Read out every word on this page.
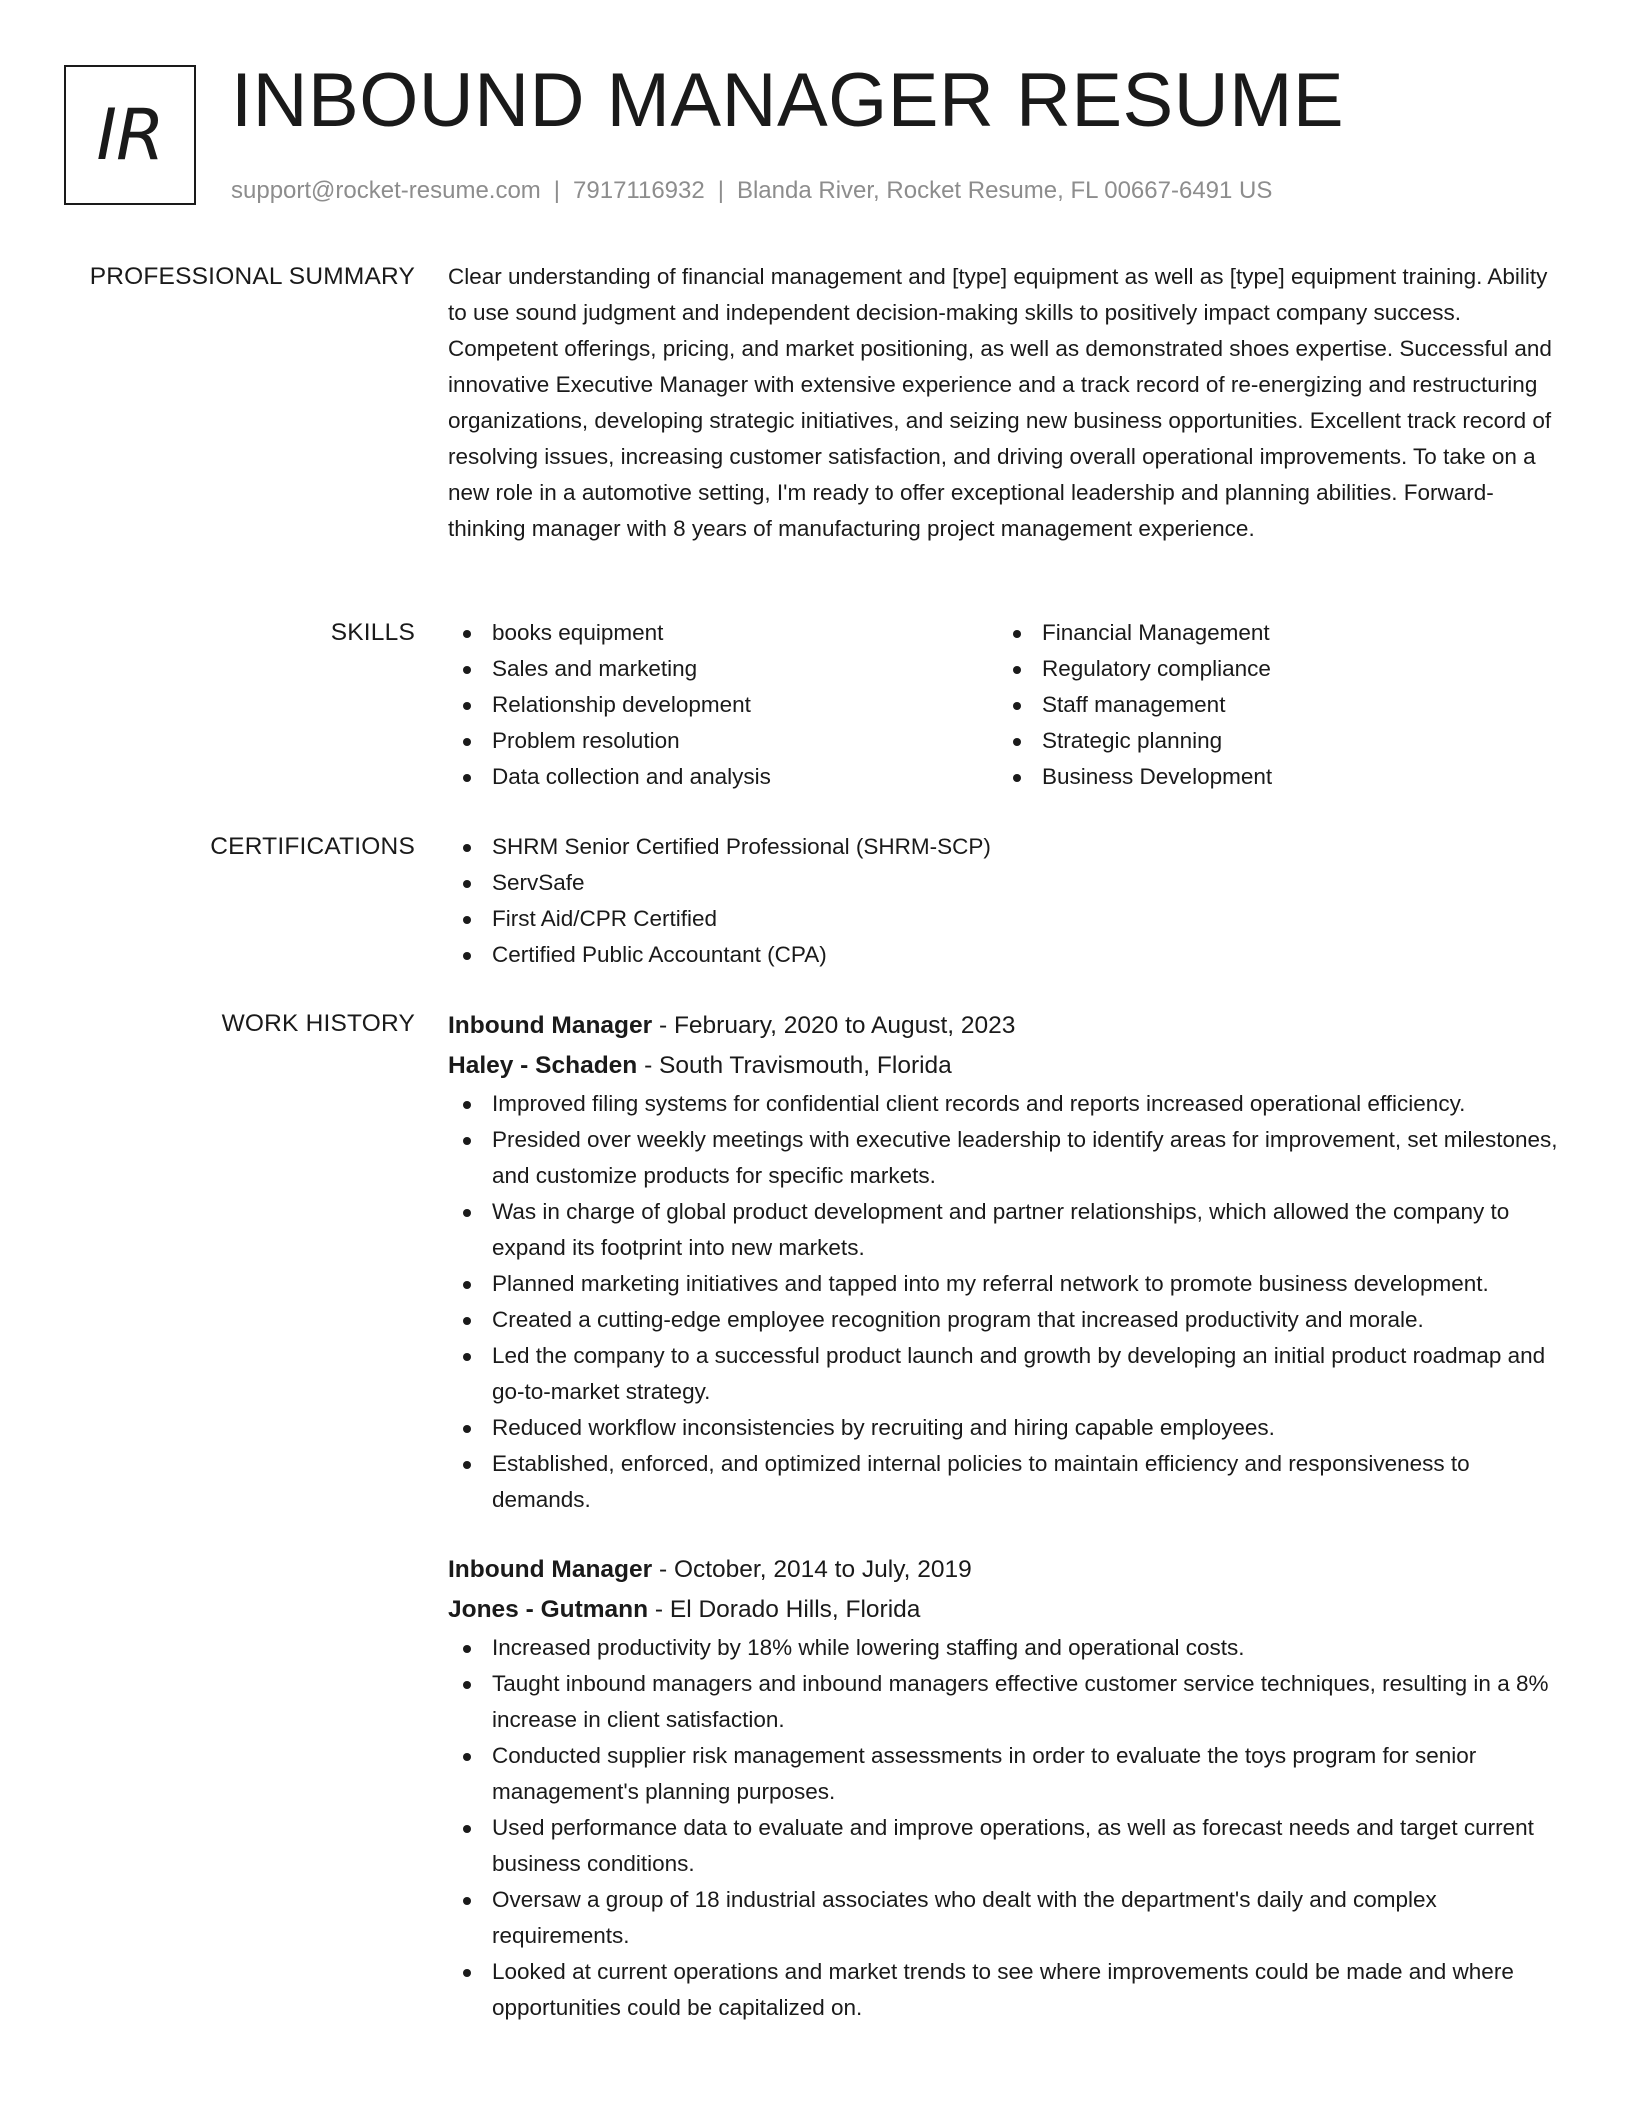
IR INBOUND MANAGER RESUME
support@rocket-resume.com | 7917116932 | Blanda River, Rocket Resume, FL 00667-6491 US
PROFESSIONAL SUMMARY Clear understanding of financial management and [type] equipment as well as [type] equipment training. Ability to use sound judgment and independent decision-making skills to positively impact company success. Competent offerings, pricing, and market positioning, as well as demonstrated shoes expertise. Successful and innovative Executive Manager with extensive experience and a track record of re-energizing and restructuring organizations, developing strategic initiatives, and seizing new business opportunities. Excellent track record of resolving issues, increasing customer satisfaction, and driving overall operational improvements. To take on a new role in a automotive setting, I'm ready to offer exceptional leadership and planning abilities. Forward-thinking manager with 8 years of manufacturing project management experience.

SKILLS	books equipment
Sales and marketing
Relationship development
Problem resolution
Data collection and analysis
Financial Management
Regulatory compliance
Staff management
Strategic planning
Business Development
CERTIFICATIONS	SHRM Senior Certified Professional (SHRM-SCP)
ServSafe
First Aid/CPR Certified
Certified Public Accountant (CPA)
WORK HISTORY Inbound Manager - February, 2020 to August, 2023
Haley - Schaden - South Travismouth, Florida
Improved filing systems for confidential client records and reports increased operational efficiency.
Presided over weekly meetings with executive leadership to identify areas for improvement, set milestones, and customize products for specific markets.
Was in charge of global product development and partner relationships, which allowed the company to expand its footprint into new markets.
Planned marketing initiatives and tapped into my referral network to promote business development.
Created a cutting-edge employee recognition program that increased productivity and morale.
Led the company to a successful product launch and growth by developing an initial product roadmap and go-to-market strategy.
Reduced workflow inconsistencies by recruiting and hiring capable employees.
Established, enforced, and optimized internal policies to maintain efficiency and responsiveness to demands.
Inbound Manager - October, 2014 to July, 2019
Jones - Gutmann - El Dorado Hills, Florida
Increased productivity by 18% while lowering staffing and operational costs.
Taught inbound managers and inbound managers effective customer service techniques, resulting in a 8% increase in client satisfaction.
Conducted supplier risk management assessments in order to evaluate the toys program for senior management's planning purposes.
Used performance data to evaluate and improve operations, as well as forecast needs and target current business conditions.
Oversaw a group of 18 industrial associates who dealt with the department's daily and complex requirements.
Looked at current operations and market trends to see where improvements could be made and where opportunities could be capitalized on.
